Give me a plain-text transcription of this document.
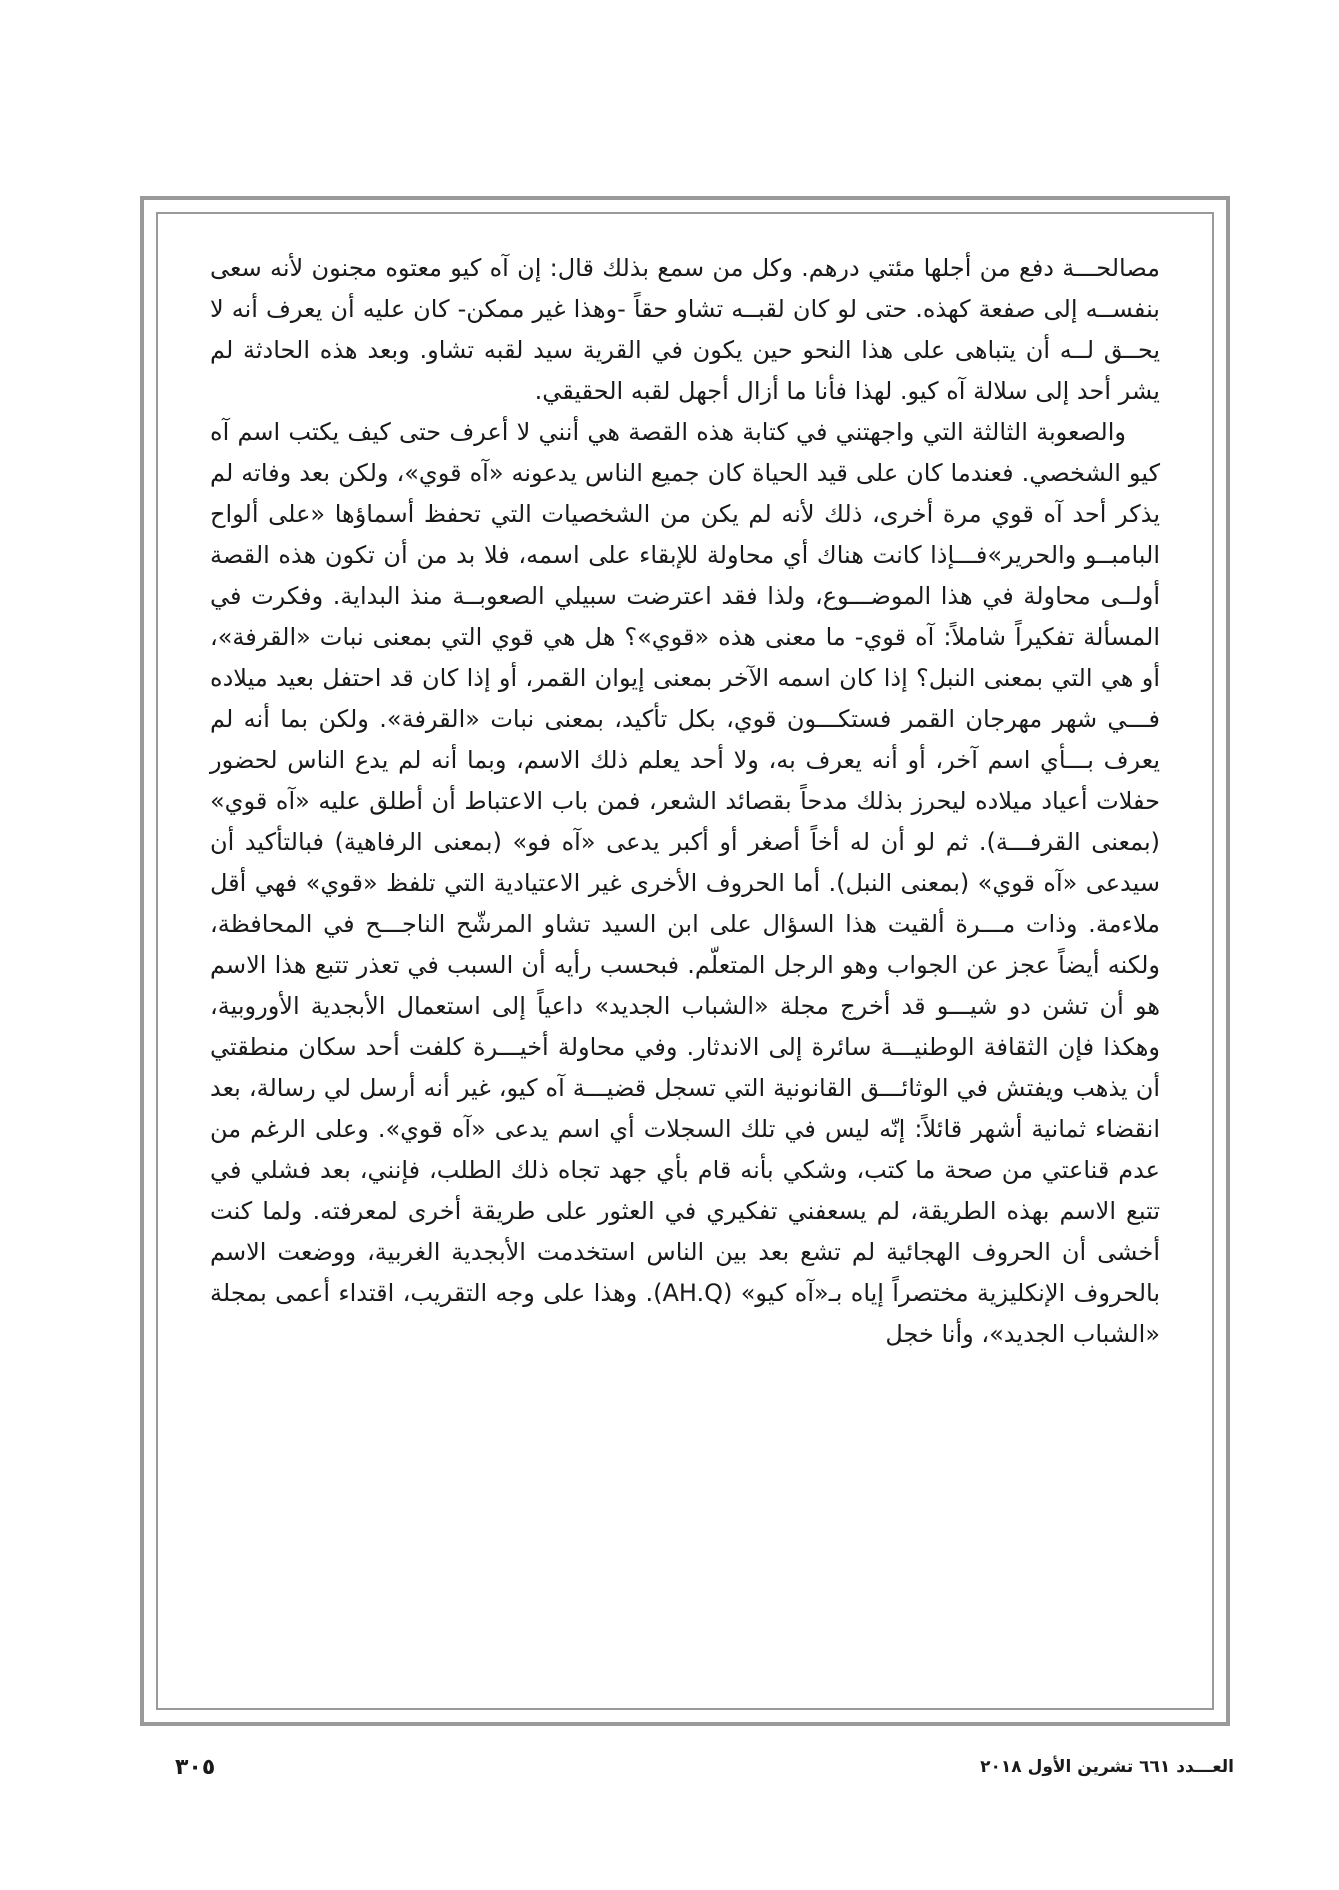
مصالحـــة دفع من أجلها مئتي درهم. وكل من سمع بذلك قال: إن آه كيو معتوه مجنون لأنه سعى بنفســه إلى صفعة كهذه. حتى لو كان لقبــه تشاو حقاً -وهذا غير ممكن- كان عليه أن يعرف أنه لا يحــق لــه أن يتباهى على هذا النحو حين يكون في القرية سيد لقبه تشاو. وبعد هذه الحادثة لم يشر أحد إلى سلالة آه كيو. لهذا فأنا ما أزال أجهل لقبه الحقيقي.

والصعوبة الثالثة التي واجهتني في كتابة هذه القصة هي أنني لا أعرف حتى كيف يكتب اسم آه كيو الشخصي. فعندما كان على قيد الحياة كان جميع الناس يدعونه «آه قوي»، ولكن بعد وفاته لم يذكر أحد آه قوي مرة أخرى، ذلك لأنه لم يكن من الشخصيات التي تحفظ أسماؤها «على ألواح البامبــو والحرير»فـــإذا كانت هناك أي محاولة للإبقاء على اسمه، فلا بد من أن تكون هذه القصة أولــى محاولة في هذا الموضـــوع، ولذا فقد اعترضت سبيلي الصعوبــة منذ البداية. وفكرت في المسألة تفكيراً شاملاً: آه قوي- ما معنى هذه «قوي»؟ هل هي قوي التي بمعنى نبات «القرفة»، أو هي التي بمعنى النبل؟ إذا كان اسمه الآخر بمعنى إيوان القمر، أو إذا كان قد احتفل بعيد ميلاده فـــي شهر مهرجان القمر فستكـــون قوي، بكل تأكيد، بمعنى نبات «القرفة». ولكن بما أنه لم يعرف بـــأي اسم آخر، أو أنه يعرف به، ولا أحد يعلم ذلك الاسم، وبما أنه لم يدع الناس لحضور حفلات أعياد ميلاده ليحرز بذلك مدحاً بقصائد الشعر، فمن باب الاعتباط أن أطلق عليه «آه قوي» (بمعنى القرفـــة). ثم لو أن له أخاً أصغر أو أكبر يدعى «آه فو» (بمعنى الرفاهية) فبالتأكيد أن سيدعى «آه قوي» (بمعنى النبل). أما الحروف الأخرى غير الاعتيادية التي تلفظ «قوي» فهي أقل ملاءمة. وذات مـــرة ألقيت هذا السؤال على ابن السيد تشاو المرشّح الناجـــح في المحافظة، ولكنه أيضاً عجز عن الجواب وهو الرجل المتعلّم. فبحسب رأيه أن السبب في تعذر تتبع هذا الاسم هو أن تشن دو شيـــو قد أخرج مجلة «الشباب الجديد» داعياً إلى استعمال الأبجدية الأوروبية، وهكذا فإن الثقافة الوطنيـــة سائرة إلى الاندثار. وفي محاولة أخيـــرة كلفت أحد سكان منطقتي أن يذهب ويفتش في الوثائـــق القانونية التي تسجل قضيـــة آه كيو، غير أنه أرسل لي رسالة، بعد انقضاء ثمانية أشهر قائلاً: إنّه ليس في تلك السجلات أي اسم يدعى «آه قوي». وعلى الرغم من عدم قناعتي من صحة ما كتب، وشكي بأنه قام بأي جهد تجاه ذلك الطلب، فإنني، بعد فشلي في تتبع الاسم بهذه الطريقة، لم يسعفني تفكيري في العثور على طريقة أخرى لمعرفته. ولما كنت أخشى أن الحروف الهجائية لم تشع بعد بين الناس استخدمت الأبجدية الغربية، ووضعت الاسم بالحروف الإنكليزية مختصراً إياه بـ«آه كيو» (AH.Q). وهذا على وجه التقريب، اقتداء أعمى بمجلة «الشباب الجديد»، وأنا خجل

العـــدد ٦٦١ تشرين الأول ٢٠١٨
٣٠٥
